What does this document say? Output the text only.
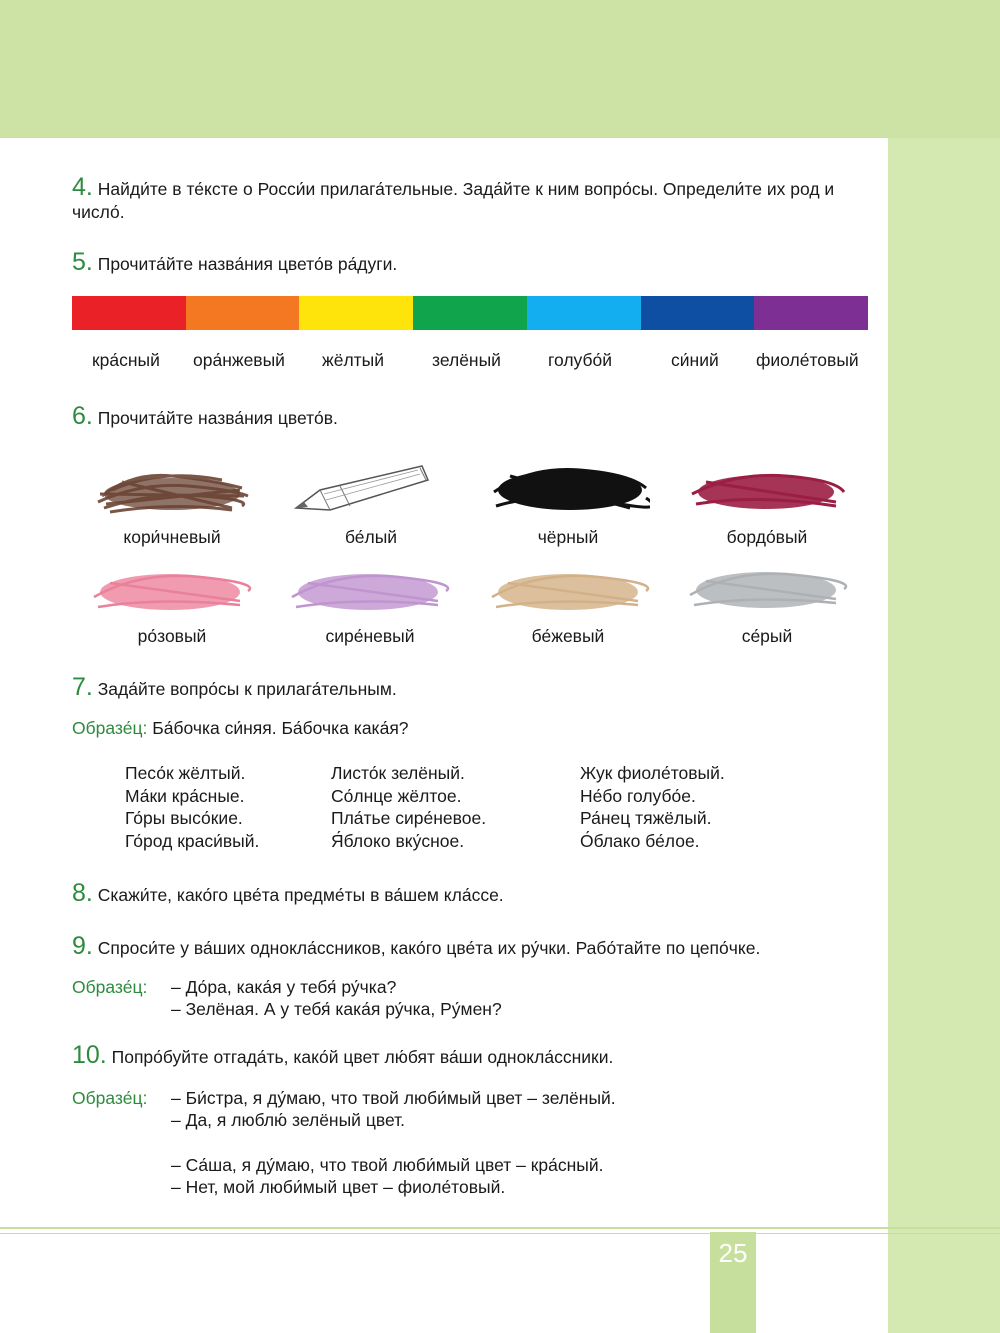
25
4. Найди́те в те́ксте о Росси́и прилага́тельные. Зада́йте к ним вопро́сы. Определи́те их род и число́.
5. Прочита́йте назва́ния цвето́в ра́дуги.
кра́сный ора́нжевый жёлтый	зелёный	голубо́й	си́ний фиоле́товый
6. Прочита́йте назва́ния цвето́в.
кори́чневый	бе́лый	чёрный	бордо́вый
ро́зовый	сире́невый	бе́жевый	се́рый
7. Зада́йте вопро́сы к прилага́тельным.
Образе́ц: Ба́бочка си́няя. Ба́бочка кака́я?
Песо́к жёлтый.
Ма́ки кра́сные.
Го́ры высо́кие.
Го́род краси́вый.
Листо́к зелёный.
Со́лнце жёлтое.
Пла́тье сире́невое.
Я́блоко вку́сное.
Жук фиоле́товый.
Не́бо голубо́е.
Ра́нец тяжёлый.
О́блако бе́лое.
8. Скажи́те, како́го цве́та предме́ты в ва́шем кла́ссе.
9. Спроси́те у ва́ших однокла́ссников, како́го цве́та их ру́чки. Рабо́тайте по цепо́чке.
Образе́ц: – До́ра, кака́я у тебя́ ру́чка?
– Зелёная. А у тебя́ кака́я ру́чка, Ру́мен?
10. Попро́буйте отгада́ть, како́й цвет лю́бят ва́ши однокла́ссники.
Образе́ц: – Би́стра, я ду́маю, что твой люби́мый цвет – зелёный.
– Да, я люблю́ зелёный цвет.
– Са́ша, я ду́маю, что твой люби́мый цвет – кра́сный.
– Нет, мой люби́мый цвет – фиоле́товый.
